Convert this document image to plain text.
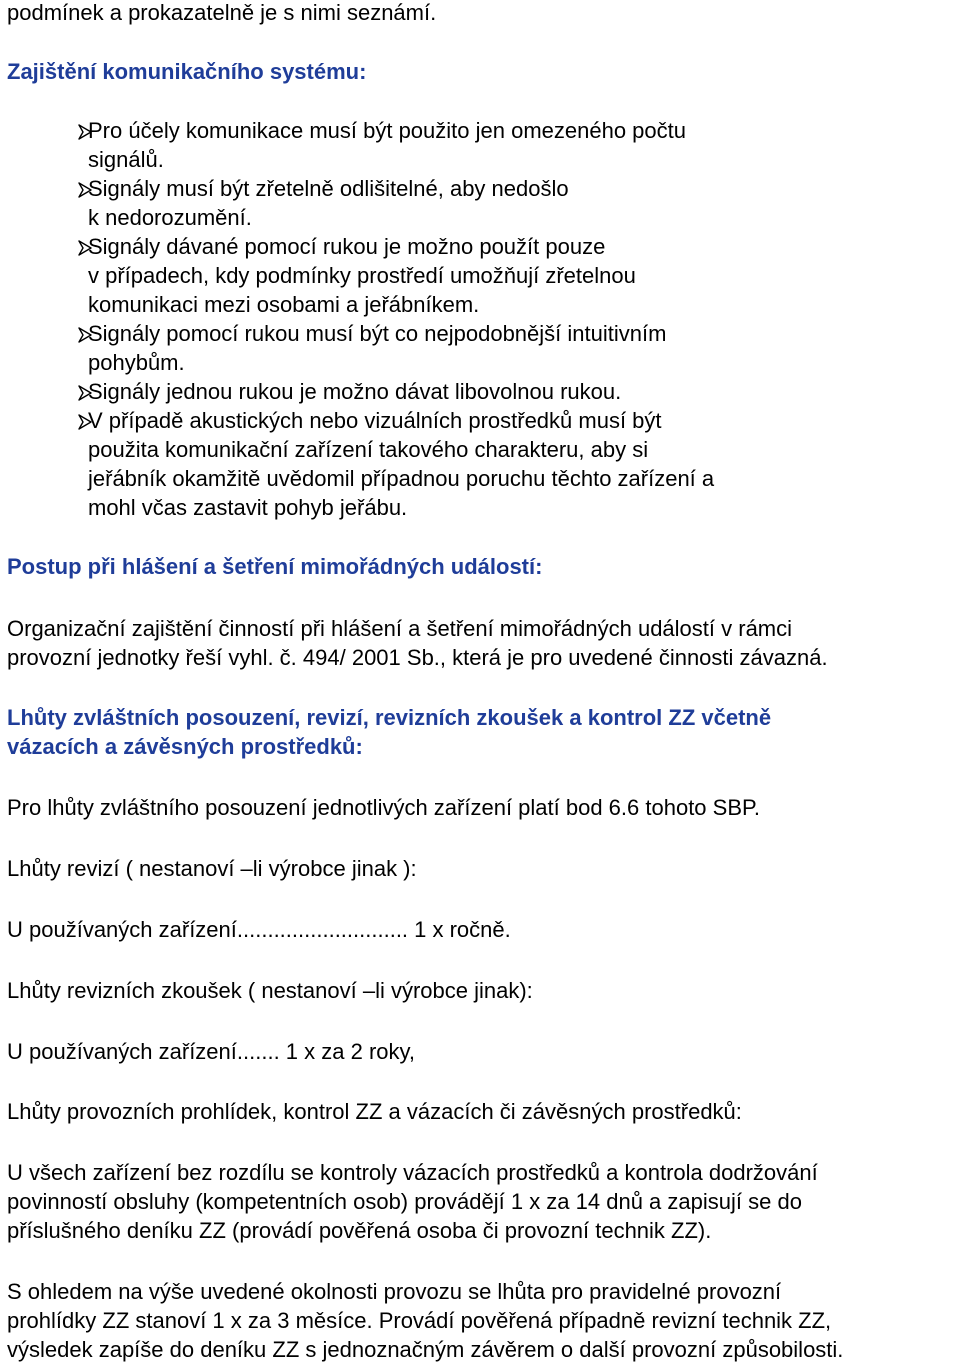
podmínek a prokazatelně je s nimi seznámí.
Zajištění komunikačního systému:
Pro účely komunikace musí být použito jen omezeného počtu
signálů.
Signály musí být zřetelně odlišitelné, aby nedošlo
k nedorozumění.
Signály dávané pomocí rukou je možno použít pouze
v případech, kdy podmínky prostředí umožňují zřetelnou
komunikaci mezi osobami a jeřábníkem.
Signály pomocí rukou musí být co nejpodobnější intuitivním
pohybům.
Signály jednou rukou je možno dávat libovolnou rukou.
V případě akustických nebo vizuálních prostředků musí být
použita komunikační zařízení takového charakteru, aby si
jeřábník okamžitě uvědomil případnou poruchu těchto zařízení a
mohl včas zastavit pohyb jeřábu.
Postup při hlášení a šetření mimořádných událostí:
Organizační zajištění činností při hlášení a šetření mimořádných událostí v rámci
provozní jednotky řeší vyhl. č. 494/ 2001 Sb., která je pro uvedené činnosti závazná.
Lhůty zvláštních posouzení, revizí, revizních zkoušek a kontrol ZZ včetně
vázacích a závěsných prostředků:
Pro lhůty zvláštního posouzení jednotlivých zařízení platí bod 6.6 tohoto SBP.
Lhůty revizí ( nestanoví –li výrobce jinak ):
U používaných zařízení............................ 1 x ročně.
Lhůty revizních zkoušek ( nestanoví –li výrobce jinak):
U používaných zařízení....... 1 x za 2 roky,
Lhůty provozních prohlídek, kontrol ZZ a vázacích či závěsných prostředků:
U všech zařízení bez rozdílu se kontroly vázacích prostředků a kontrola dodržování
povinností obsluhy (kompetentních osob) provádějí 1 x za 14 dnů a zapisují se do
příslušného deníku ZZ (provádí pověřená osoba či provozní technik ZZ).
S ohledem na výše uvedené okolnosti provozu se lhůta pro pravidelné provozní
prohlídky ZZ stanoví 1 x za 3 měsíce. Provádí pověřená případně revizní technik ZZ,
výsledek zapíše do deníku ZZ s jednoznačným závěrem o další provozní způsobilosti.
